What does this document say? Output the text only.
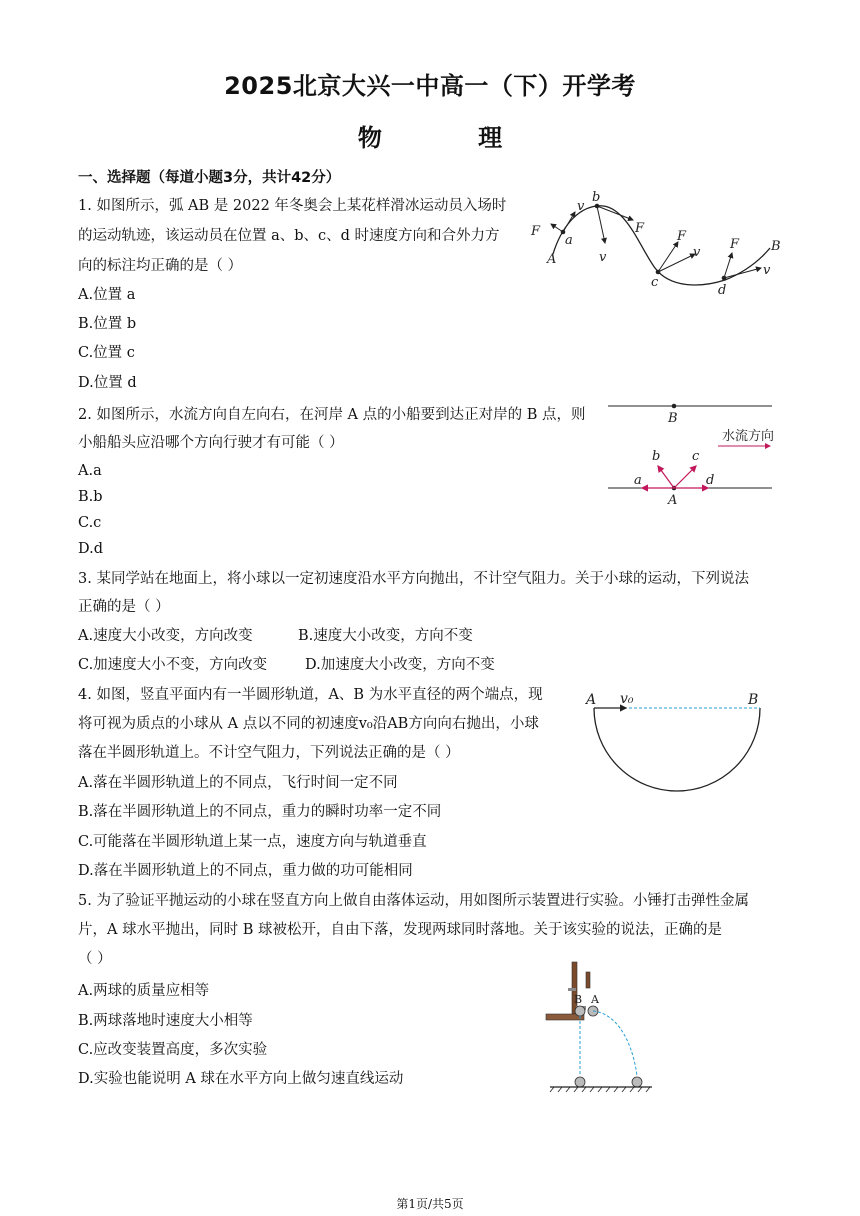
2025北京大兴一中高一（下）开学考
物 理
一、选择题（每道小题3分，共计42分）
1. 如图所示，弧 AB 是 2022 年冬奥会上某花样滑冰运动员入场时
的运动轨迹，该运动员在位置 a、b、c、d 时速度方向和合外力方
向的标注均正确的是（ ）
A.位置 a
B.位置 b
C.位置 c
D.位置 d
F
v
a
A
b
v
F
F
v
c
F
v
d
B
2. 如图所示，水流方向自左向右，在河岸 A 点的小船要到达正对岸的 B 点，则
小船船头应沿哪个方向行驶才有可能（ ）
A.a
B.b
C.c
D.d
B
A
a
b c
d
水流方向
3. 某同学站在地面上，将小球以一定初速度沿水平方向抛出，不计空气阻力。关于小球的运动，下列说法
正确的是（ ）
A.速度大小改变，方向改变	B.速度大小改变，方向不变
C.加速度大小不变，方向改变	D.加速度大小改变，方向不变
4. 如图，竖直平面内有一半圆形轨道，A、B 为水平直径的两个端点，现
将可视为质点的小球从 A 点以不同的初速度v₀沿AB方向向右抛出，小球
落在半圆形轨道上。不计空气阻力，下列说法正确的是（ ）
A.落在半圆形轨道上的不同点，飞行时间一定不同
B.落在半圆形轨道上的不同点，重力的瞬时功率一定不同
C.可能落在半圆形轨道上某一点，速度方向与轨道垂直
D.落在半圆形轨道上的不同点，重力做的功可能相同
A v₀	B
5. 为了验证平抛运动的小球在竖直方向上做自由落体运动，用如图所示装置进行实验。小锤打击弹性金属
片，A 球水平抛出，同时 B 球被松开，自由下落，发现两球同时落地。关于该实验的说法，正确的是
（ ）
A.两球的质量应相等
B.两球落地时速度大小相等
C.应改变装置高度，多次实验
D.实验也能说明 A 球在水平方向上做匀速直线运动
B A
第1页/共5页
